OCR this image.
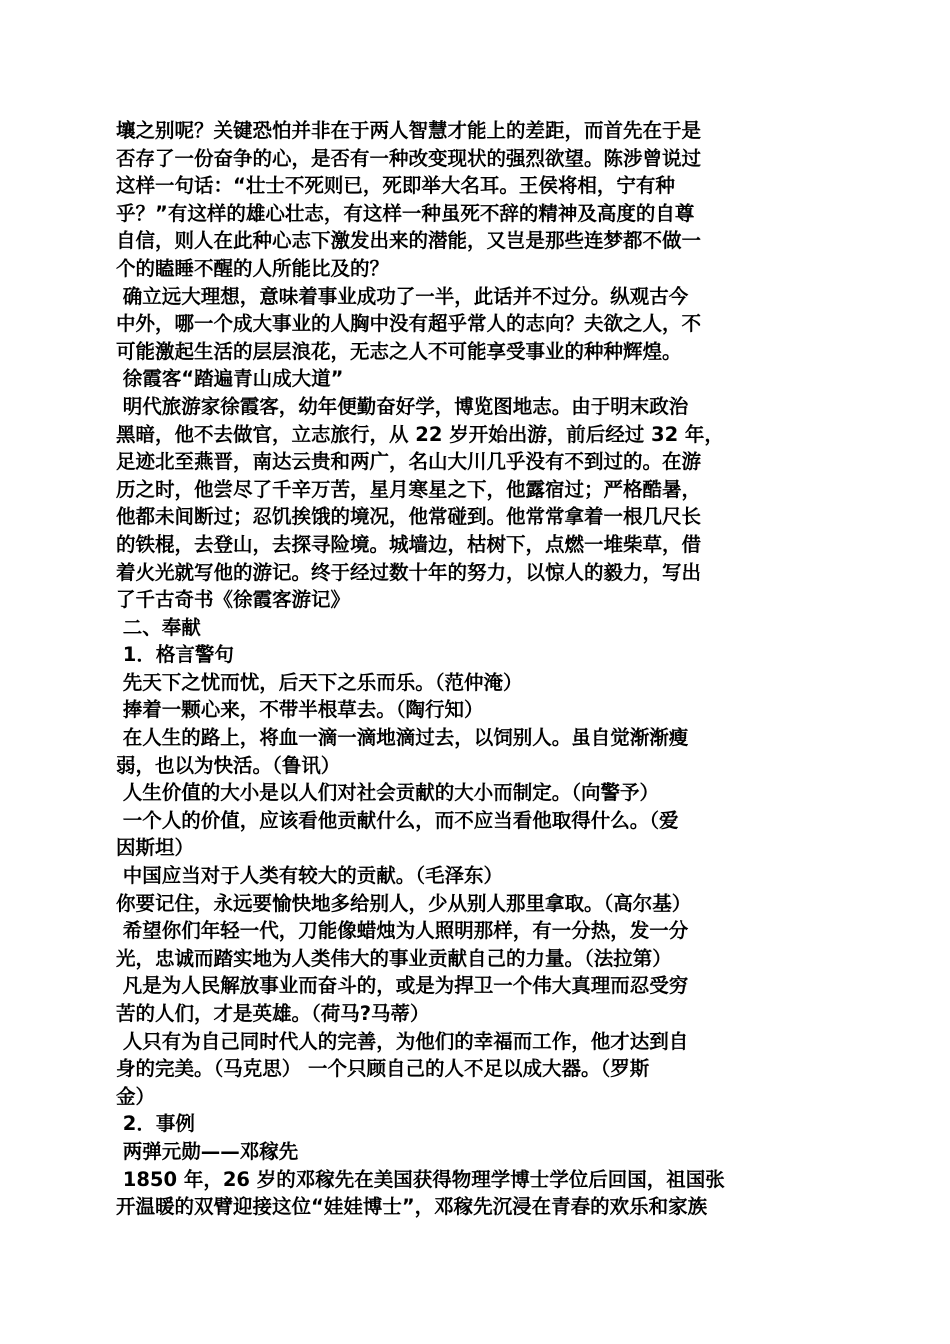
壤之别呢？关键恐怕并非在于两人智慧才能上的差距，而首先在于是
否存了一份奋争的心，是否有一种改变现状的强烈欲望。陈涉曾说过
这样一句话：“壮士不死则已，死即举大名耳。王侯将相，宁有种
乎？”有这样的雄心壮志，有这样一种虽死不辞的精神及高度的自尊
自信，则人在此种心志下激发出来的潜能，又岂是那些连梦都不做一
个的瞌睡不醒的人所能比及的？
确立远大理想，意味着事业成功了一半，此话并不过分。纵观古今
中外，哪一个成大事业的人胸中没有超乎常人的志向？夫欲之人，不
可能激起生活的层层浪花，无志之人不可能享受事业的种种辉煌。
徐霞客“踏遍青山成大道”
明代旅游家徐霞客，幼年便勤奋好学，博览图地志。由于明末政治
黑暗，他不去做官，立志旅行，从 22 岁开始出游，前后经过 32 年，
足迹北至燕晋，南达云贵和两广，名山大川几乎没有不到过的。在游
历之时，他尝尽了千辛万苦，星月寒星之下，他露宿过；严格酷暑，
他都未间断过；忍饥挨饿的境况，他常碰到。他常常拿着一根几尺长
的铁棍，去登山，去探寻险境。城墙边，枯树下，点燃一堆柴草，借
着火光就写他的游记。终于经过数十年的努力，以惊人的毅力，写出
了千古奇书《徐霞客游记》
二、奉献
1．格言警句
先天下之忧而忧，后天下之乐而乐。（范仲淹）
捧着一颗心来，不带半根草去。（陶行知）
在人生的路上，将血一滴一滴地滴过去，以饲别人。虽自觉渐渐瘦
弱，也以为快活。（鲁讯）
人生价值的大小是以人们对社会贡献的大小而制定。（向警予）
一个人的价值，应该看他贡献什么，而不应当看他取得什么。（爱
因斯坦）
中国应当对于人类有较大的贡献。（毛泽东）
你要记住，永远要愉快地多给别人，少从别人那里拿取。（高尔基）
希望你们年轻一代，刀能像蜡烛为人照明那样，有一分热，发一分
光，忠诚而踏实地为人类伟大的事业贡献自己的力量。（法拉第）
凡是为人民解放事业而奋斗的，或是为捍卫一个伟大真理而忍受穷
苦的人们，才是英雄。（荷马?马蒂）
人只有为自己同时代人的完善，为他们的幸福而工作，他才达到自
身的完美。（马克思） 一个只顾自己的人不足以成大器。（罗斯
金）
2．事例
两弹元勋——邓稼先
1850 年，26 岁的邓稼先在美国获得物理学博士学位后回国，祖国张
开温暖的双臂迎接这位“娃娃博士”，邓稼先沉浸在青春的欢乐和家族
